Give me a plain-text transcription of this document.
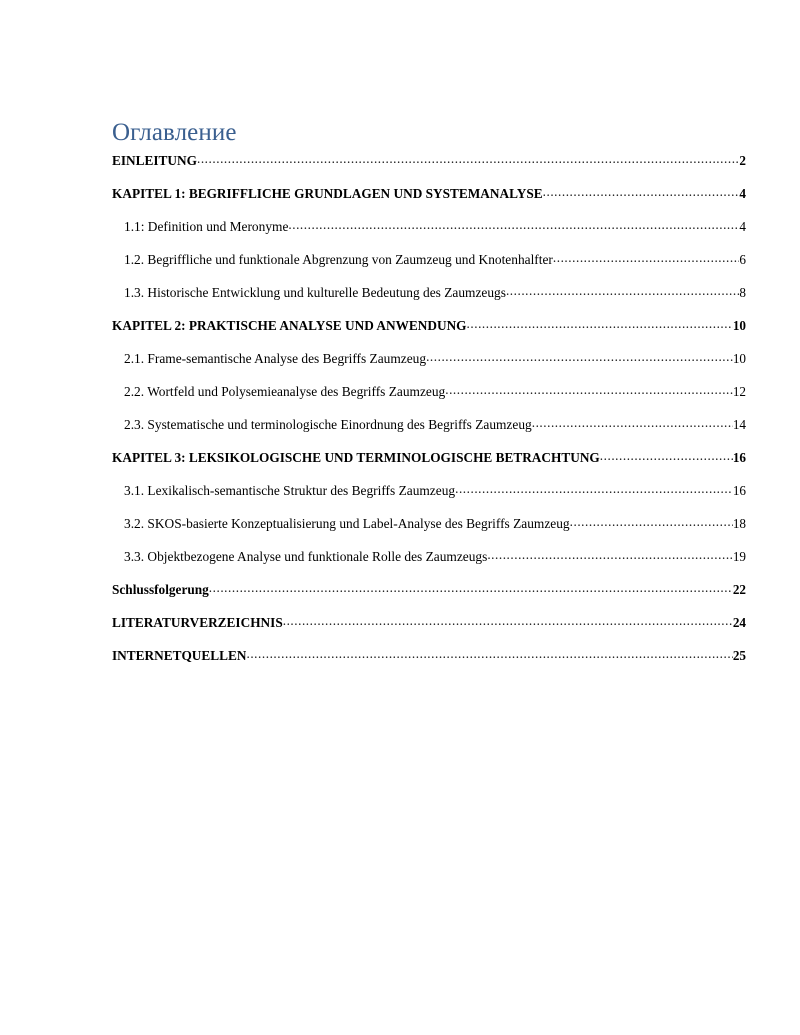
Оглавление
EINLEITUNG .....	2
KAPITEL 1: BEGRIFFLICHE GRUNDLAGEN UND SYSTEMANALYSE .....	4
1.1: Definition und Meronyme .....	4
1.2. Begriffliche und funktionale Abgrenzung von Zaumzeug und Knotenhalfter .....	6
1.3. Historische Entwicklung und kulturelle Bedeutung des Zaumzeugs .....	8
KAPITEL 2: PRAKTISCHE ANALYSE UND ANWENDUNG .....	10
2.1. Frame-semantische Analyse des Begriffs Zaumzeug .....	10
2.2. Wortfeld und Polysemieanalyse des Begriffs Zaumzeug .....	12
2.3. Systematische und terminologische Einordnung des Begriffs Zaumzeug .....	14
KAPITEL 3: LEKSIKOLOGISCHE UND TERMINOLOGISCHE BETRACHTUNG .....	16
3.1. Lexikalisch-semantische Struktur des Begriffs Zaumzeug .....	16
3.2. SKOS-basierte Konzeptualisierung und Label-Analyse des Begriffs Zaumzeug .....	18
3.3. Objektbezogene Analyse und funktionale Rolle des Zaumzeugs .....	19
Schlussfolgerung .....	22
LITERATURVERZEICHNIS .....	24
INTERNETQUELLEN .....	25
